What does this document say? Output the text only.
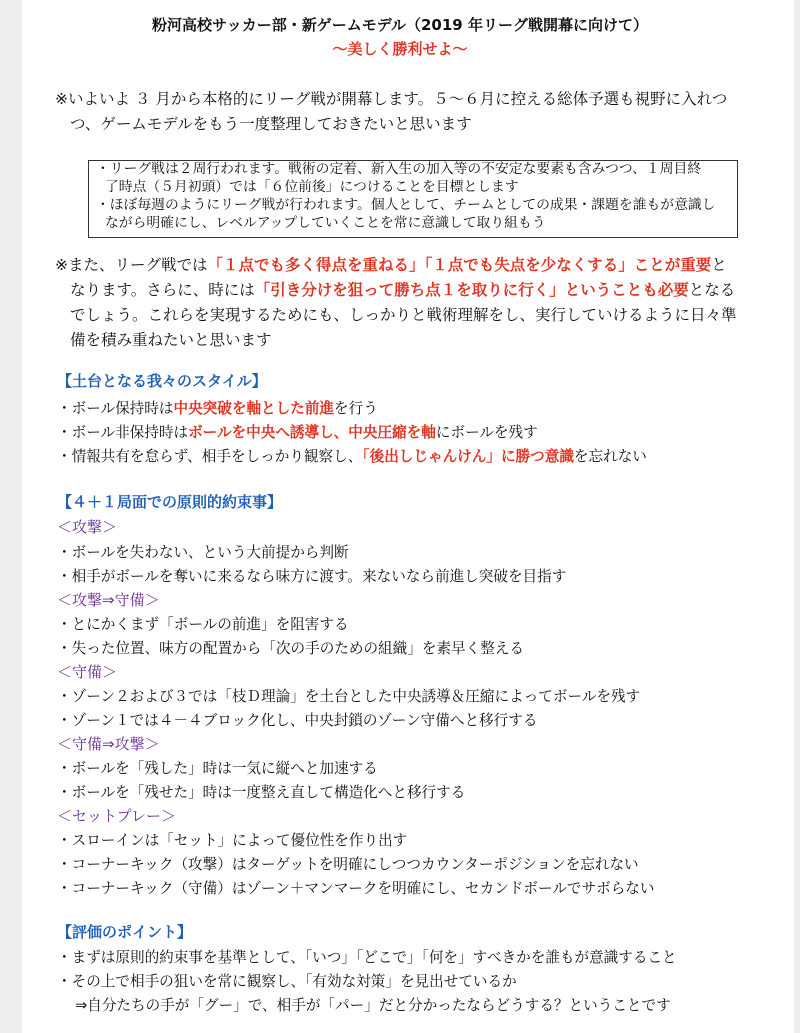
粉河高校サッカー部・新ゲームモデル（2019 年リーグ戦開幕に向けて）
～美しく勝利せよ～
※いよいよ ３ 月から本格的にリーグ戦が開幕します。５～６月に控える総体予選も視野に入れつ
つ、ゲームモデルをもう一度整理しておきたいと思います
・リーグ戦は２周行われます。戦術の定着、新入生の加入等の不安定な要素も含みつつ、１周目終
了時点（５月初頭）では「６位前後」につけることを目標とします
※また、リーグ戦では「１点でも多く得点を重ねる」「１点でも失点を少なくする」ことが重要と
なります。さらに、時には「引き分けを狙って勝ち点１を取りに行く」ということも必要となる
でしょう。これらを実現するためにも、しっかりと戦術理解をし、実行していけるように日々準
備を積み重ねたいと思います
【土台となる我々のスタイル】
・ボール保持時は中央突破を軸とした前進を行う
・ボール非保持時はボールを中央へ誘導し、中央圧縮を軸にボールを残す
・情報共有を怠らず、相手をしっかり観察し、「後出しじゃんけん」に勝つ意識を忘れない
【４＋１局面での原則的約束事】
＜攻撃＞
・ボールを失わない、という大前提から判断
・相手がボールを奪いに来るなら味方に渡す。来ないなら前進し突破を目指す
＜攻撃⇒守備＞
・とにかくまず「ボールの前進」を阻害する
・失った位置、味方の配置から「次の手のための組織」を素早く整える
＜守備＞
・ゾーン２および３では「枝Ｄ理論」を土台とした中央誘導＆圧縮によってボールを残す
・ゾーン１では４－４ブロック化し、中央封鎖のゾーン守備へと移行する
＜守備⇒攻撃＞
・ボールを「残した」時は一気に縦へと加速する
・ボールを「残せた」時は一度整え直して構造化へと移行する
＜セットプレー＞
・スローインは「セット」によって優位性を作り出す
・コーナーキック（攻撃）はターゲットを明確にしつつカウンターポジションを忘れない
・コーナーキック（守備）はゾーン＋マンマークを明確にし、セカンドボールでサボらない
【評価のポイント】
・まずは原則的約束事を基準として、「いつ」「どこで」「何を」すべきかを誰もが意識すること
・その上で相手の狙いを常に観察し、「有効な対策」を見出せているか
⇒自分たちの手が「グー」で、相手が「パー」だと分かったならどうする？ということです
・ほぼ毎週のようにリーグ戦が行われます。個人として、チームとしての成果・課題を誰もが意識し
ながら明確にし、レベルアップしていくことを常に意識して取り組もう
